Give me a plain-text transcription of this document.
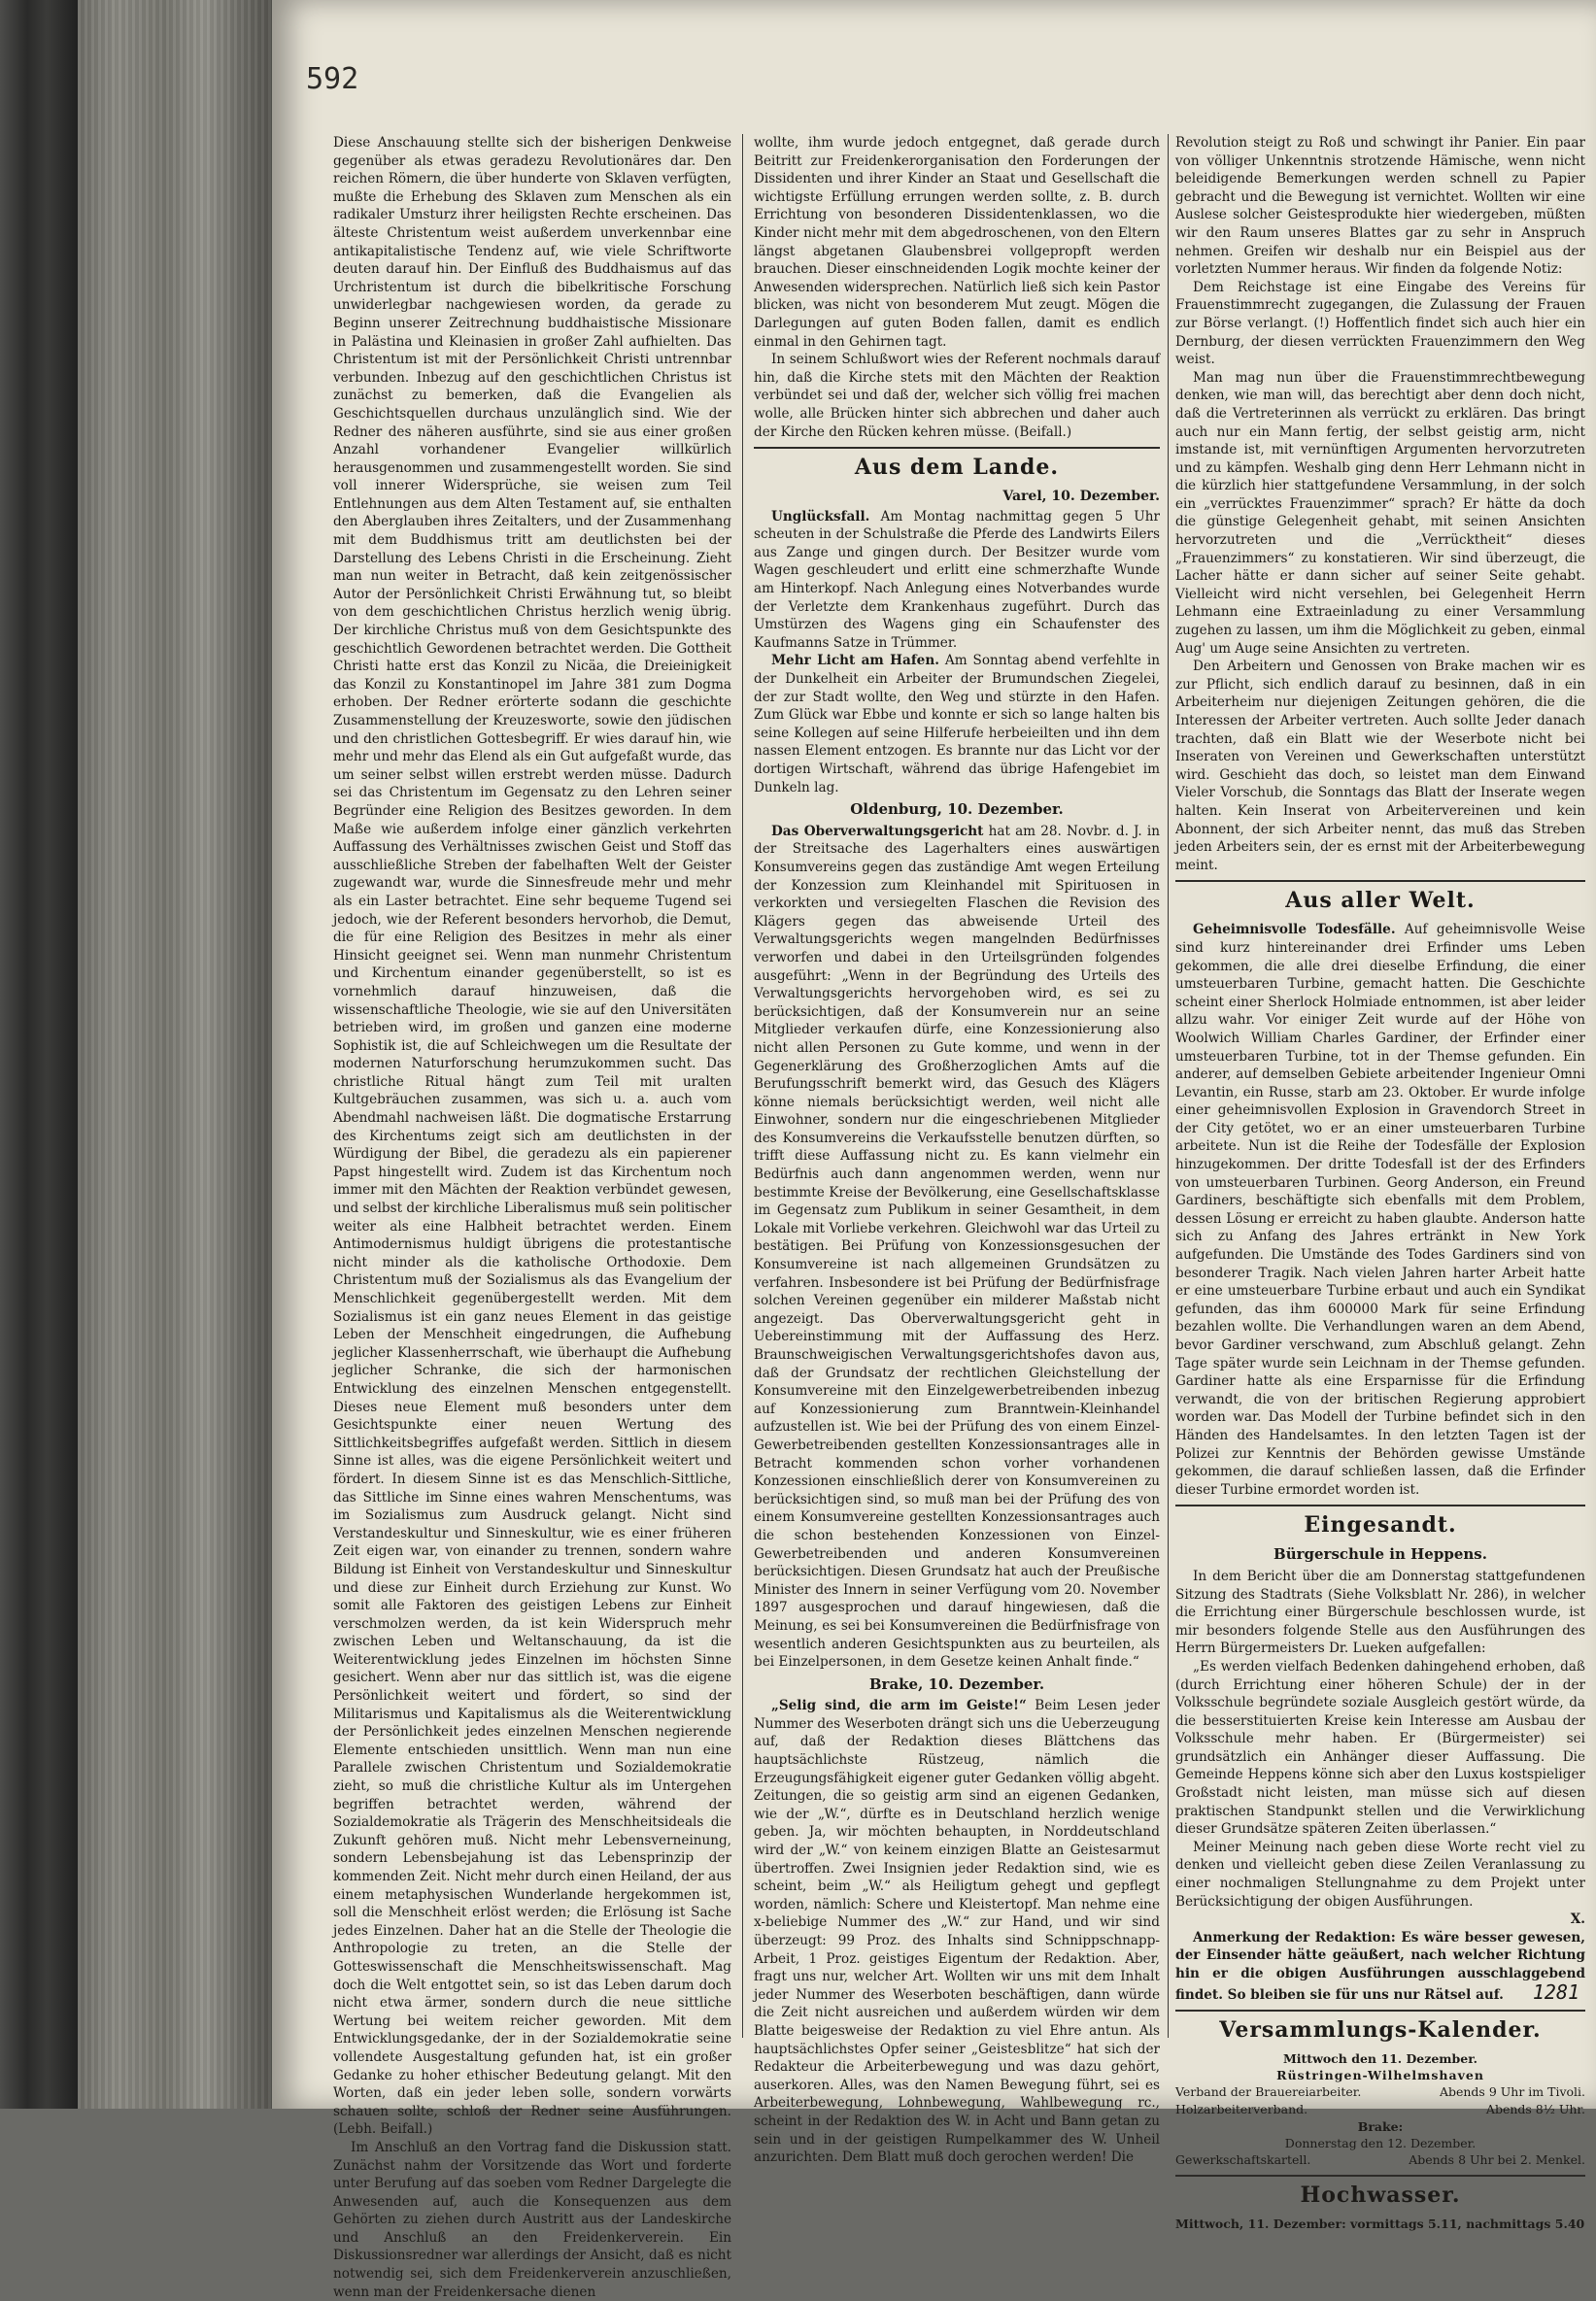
592

Diese Anschauung stellte sich der bisherigen Denkweise gegenüber als etwas geradezu Revolutionäres dar. Den reichen Römern, die über hunderte von Sklaven verfügten, mußte die Erhebung des Sklaven zum Menschen als ein radikaler Umsturz ihrer heiligsten Rechte erscheinen. Das älteste Christentum weist außerdem unverkennbar eine antikapitalistische Tendenz auf, wie viele Schriftworte deuten darauf hin. Der Einfluß des Buddhaismus auf das Urchristentum ist durch die bibelkritische Forschung unwiderlegbar nachgewiesen worden, da gerade zu Beginn unserer Zeitrechnung buddhaistische Missionare in Palästina und Kleinasien in großer Zahl aufhielten. Das Christentum ist mit der Persönlichkeit Christi untrennbar verbunden. Inbezug auf den geschichtlichen Christus ist zunächst zu bemerken, daß die Evangelien als Geschichtsquellen durchaus unzulänglich sind. Wie der Redner des näheren ausführte, sind sie aus einer großen Anzahl vorhandener Evangelier willkürlich herausgenommen und zusammengestellt worden. Sie sind voll innerer Widersprüche, sie weisen zum Teil Entlehnungen aus dem Alten Testament auf, sie enthalten den Aberglauben ihres Zeitalters, und der Zusammenhang mit dem Buddhismus tritt am deutlichsten bei der Darstellung des Lebens Christi in die Erscheinung. Zieht man nun weiter in Betracht, daß kein zeitgenössischer Autor der Persönlichkeit Christi Erwähnung tut, so bleibt von dem geschichtlichen Christus herzlich wenig übrig. Der kirchliche Christus muß von dem Gesichtspunkte des geschichtlich Gewordenen betrachtet werden. Die Gottheit Christi hatte erst das Konzil zu Nicäa, die Dreieinigkeit das Konzil zu Konstantinopel im Jahre 381 zum Dogma erhoben. Der Redner erörterte sodann die geschichte Zusammenstellung der Kreuzesworte, sowie den jüdischen und den christlichen Gottesbegriff. Er wies darauf hin, wie mehr und mehr das Elend als ein Gut aufgefaßt wurde, das um seiner selbst willen erstrebt werden müsse. Dadurch sei das Christentum im Gegensatz zu den Lehren seiner Begründer eine Religion des Besitzes geworden. In dem Maße wie außerdem infolge einer gänzlich verkehrten Auffassung des Verhältnisses zwischen Geist und Stoff das ausschließliche Streben der fabelhaften Welt der Geister zugewandt war, wurde die Sinnesfreude mehr und mehr als ein Laster betrachtet. Eine sehr bequeme Tugend sei jedoch, wie der Referent besonders hervorhob, die Demut, die für eine Religion des Besitzes in mehr als einer Hinsicht geeignet sei. Wenn man nunmehr Christentum und Kirchentum einander gegenüberstellt, so ist es vornehmlich darauf hinzuweisen, daß die wissenschaftliche Theologie, wie sie auf den Universitäten betrieben wird, im großen und ganzen eine moderne Sophistik ist, die auf Schleichwegen um die Resultate der modernen Naturforschung herumzukommen sucht. Das christliche Ritual hängt zum Teil mit uralten Kultgebräuchen zusammen, was sich u. a. auch vom Abendmahl nachweisen läßt. Die dogmatische Erstarrung des Kirchentums zeigt sich am deutlichsten in der Würdigung der Bibel, die geradezu als ein papierener Papst hingestellt wird. Zudem ist das Kirchentum noch immer mit den Mächten der Reaktion verbündet gewesen, und selbst der kirchliche Liberalismus muß sein politischer weiter als eine Halbheit betrachtet werden. Einem Antimodernismus huldigt übrigens die protestantische nicht minder als die katholische Orthodoxie. Dem Christentum muß der Sozialismus als das Evangelium der Menschlichkeit gegenübergestellt werden. Mit dem Sozialismus ist ein ganz neues Element in das geistige Leben der Menschheit eingedrungen, die Aufhebung jeglicher Klassenherrschaft, wie überhaupt die Aufhebung jeglicher Schranke, die sich der harmonischen Entwicklung des einzelnen Menschen entgegenstellt. Dieses neue Element muß besonders unter dem Gesichtspunkte einer neuen Wertung des Sittlichkeitsbegriffes aufgefaßt werden. Sittlich in diesem Sinne ist alles, was die eigene Persönlichkeit weitert und fördert. In diesem Sinne ist es das Menschlich-Sittliche, das Sittliche im Sinne eines wahren Menschentums, was im Sozialismus zum Ausdruck gelangt. Nicht sind Verstandeskultur und Sinneskultur, wie es einer früheren Zeit eigen war, von einander zu trennen, sondern wahre Bildung ist Einheit von Verstandeskultur und Sinneskultur und diese zur Einheit durch Erziehung zur Kunst. Wo somit alle Faktoren des geistigen Lebens zur Einheit verschmolzen werden, da ist kein Widerspruch mehr zwischen Leben und Weltanschauung, da ist die Weiterentwicklung jedes Einzelnen im höchsten Sinne gesichert. Wenn aber nur das sittlich ist, was die eigene Persönlichkeit weitert und fördert, so sind der Militarismus und Kapitalismus als die Weiterentwicklung der Persönlichkeit jedes einzelnen Menschen negierende Elemente entschieden unsittlich. Wenn man nun eine Parallele zwischen Christentum und Sozialdemokratie zieht, so muß die christliche Kultur als im Untergehen begriffen betrachtet werden, während der Sozialdemokratie als Trägerin des Menschheitsideals die Zukunft gehören muß. Nicht mehr Lebensverneinung, sondern Lebensbejahung ist das Lebensprinzip der kommenden Zeit. Nicht mehr durch einen Heiland, der aus einem metaphysischen Wunderlande hergekommen ist, soll die Menschheit erlöst werden; die Erlösung ist Sache jedes Einzelnen. Daher hat an die Stelle der Theologie die Anthropologie zu treten, an die Stelle der Gotteswissenschaft die Menschheitswissenschaft. Mag doch die Welt entgottet sein, so ist das Leben darum doch nicht etwa ärmer, sondern durch die neue sittliche Wertung bei weitem reicher geworden. Mit dem Entwicklungsgedanke, der in der Sozialdemokratie seine vollendete Ausgestaltung gefunden hat, ist ein großer Gedanke zu hoher ethischer Bedeutung gelangt. Mit den Worten, daß ein jeder leben solle, sondern vorwärts schauen sollte, schloß der Redner seine Ausführungen. (Lebh. Beifall.)

Im Anschluß an den Vortrag fand die Diskussion statt. Zunächst nahm der Vorsitzende das Wort und forderte unter Berufung auf das soeben vom Redner Dargelegte die Anwesenden auf, auch die Konsequenzen aus dem Gehörten zu ziehen durch Austritt aus der Landeskirche und Anschluß an den Freidenkerverein. Ein Diskussionsredner war allerdings der Ansicht, daß es nicht notwendig sei, sich dem Freidenkerverein anzuschließen, wenn man der Freidenkersache dienen

wollte, ihm wurde jedoch entgegnet, daß gerade durch Beitritt zur Freidenkerorganisation den Forderungen der Dissidenten und ihrer Kinder an Staat und Gesellschaft die wichtigste Erfüllung errungen werden sollte, z. B. durch Errichtung von besonderen Dissidentenklassen, wo die Kinder nicht mehr mit dem abgedroschenen, von den Eltern längst abgetanen Glaubensbrei vollgepropft werden brauchen. Dieser einschneidenden Logik mochte keiner der Anwesenden widersprechen. Natürlich ließ sich kein Pastor blicken, was nicht von besonderem Mut zeugt. Mögen die Darlegungen auf guten Boden fallen, damit es endlich einmal in den Gehirnen tagt.

In seinem Schlußwort wies der Referent nochmals darauf hin, daß die Kirche stets mit den Mächten der Reaktion verbündet sei und daß der, welcher sich völlig frei machen wolle, alle Brücken hinter sich abbrechen und daher auch der Kirche den Rücken kehren müsse. (Beifall.)

Aus dem Lande.
Varel, 10. Dezember.

Unglücksfall. Am Montag nachmittag gegen 5 Uhr scheuten in der Schulstraße die Pferde des Landwirts Eilers aus Zange und gingen durch. Der Besitzer wurde vom Wagen geschleudert und erlitt eine schmerzhafte Wunde am Hinterkopf. Nach Anlegung eines Notverbandes wurde der Verletzte dem Krankenhaus zugeführt. Durch das Umstürzen des Wagens ging ein Schaufenster des Kaufmanns Satze in Trümmer.

Mehr Licht am Hafen. Am Sonntag abend verfehlte in der Dunkelheit ein Arbeiter der Brumundschen Ziegelei, der zur Stadt wollte, den Weg und stürzte in den Hafen. Zum Glück war Ebbe und konnte er sich so lange halten bis seine Kollegen auf seine Hilferufe herbeieilten und ihn dem nassen Element entzogen. Es brannte nur das Licht vor der dortigen Wirtschaft, während das übrige Hafengebiet im Dunkeln lag.

Oldenburg, 10. Dezember.

Das Oberverwaltungsgericht hat am 28. Novbr. d. J. in der Streitsache des Lagerhalters eines auswärtigen Konsumvereins gegen das zuständige Amt wegen Erteilung der Konzession zum Kleinhandel mit Spirituosen in verkorkten und versiegelten Flaschen die Revision des Klägers gegen das abweisende Urteil des Verwaltungsgerichts wegen mangelnden Bedürfnisses verworfen und dabei in den Urteilsgründen folgendes ausgeführt: „Wenn in der Begründung des Urteils des Verwaltungsgerichts hervorgehoben wird, es sei zu berücksichtigen, daß der Konsumverein nur an seine Mitglieder verkaufen dürfe, eine Konzessionierung also nicht allen Personen zu Gute komme, und wenn in der Gegenerklärung des Großherzoglichen Amts auf die Berufungsschrift bemerkt wird, das Gesuch des Klägers könne niemals berücksichtigt werden, weil nicht alle Einwohner, sondern nur die eingeschriebenen Mitglieder des Konsumvereins die Verkaufsstelle benutzen dürften, so trifft diese Auffassung nicht zu. Es kann vielmehr ein Bedürfnis auch dann angenommen werden, wenn nur bestimmte Kreise der Bevölkerung, eine Gesellschaftsklasse im Gegensatz zum Publikum in seiner Gesamtheit, in dem Lokale mit Vorliebe verkehren. Gleichwohl war das Urteil zu bestätigen. Bei Prüfung von Konzessionsgesuchen der Konsumvereine ist nach allgemeinen Grundsätzen zu verfahren. Insbesondere ist bei Prüfung der Bedürfnisfrage solchen Vereinen gegenüber ein milderer Maßstab nicht angezeigt. Das Oberverwaltungsgericht geht in Uebereinstimmung mit der Auffassung des Herz. Braunschweigischen Verwaltungsgerichtshofes davon aus, daß der Grundsatz der rechtlichen Gleichstellung der Konsumvereine mit den Einzelgewerbetreibenden inbezug auf Konzessionierung zum Branntwein-Kleinhandel aufzustellen ist. Wie bei der Prüfung des von einem Einzel-Gewerbetreibenden gestellten Konzessionsantrages alle in Betracht kommenden schon vorher vorhandenen Konzessionen einschließlich derer von Konsumvereinen zu berücksichtigen sind, so muß man bei der Prüfung des von einem Konsumvereine gestellten Konzessionsantrages auch die schon bestehenden Konzessionen von Einzel-Gewerbetreibenden und anderen Konsumvereinen berücksichtigen. Diesen Grundsatz hat auch der Preußische Minister des Innern in seiner Verfügung vom 20. November 1897 ausgesprochen und darauf hingewiesen, daß die Meinung, es sei bei Konsumvereinen die Bedürfnisfrage von wesentlich anderen Gesichtspunkten aus zu beurteilen, als bei Einzelpersonen, in dem Gesetze keinen Anhalt finde.“

Brake, 10. Dezember.

„Selig sind, die arm im Geiste!“ Beim Lesen jeder Nummer des Weserboten drängt sich uns die Ueberzeugung auf, daß der Redaktion dieses Blättchens das hauptsächlichste Rüstzeug, nämlich die Erzeugungsfähigkeit eigener guter Gedanken völlig abgeht. Zeitungen, die so geistig arm sind an eigenen Gedanken, wie der „W.“, dürfte es in Deutschland herzlich wenige geben. Ja, wir möchten behaupten, in Norddeutschland wird der „W.“ von keinem einzigen Blatte an Geistesarmut übertroffen. Zwei Insignien jeder Redaktion sind, wie es scheint, beim „W.“ als Heiligtum gehegt und gepflegt worden, nämlich: Schere und Kleistertopf. Man nehme eine x-beliebige Nummer des „W.“ zur Hand, und wir sind überzeugt: 99 Proz. des Inhalts sind Schnippschnapp-Arbeit, 1 Proz. geistiges Eigentum der Redaktion. Aber, fragt uns nur, welcher Art. Wollten wir uns mit dem Inhalt jeder Nummer des Weserboten beschäftigen, dann würde die Zeit nicht ausreichen und außerdem würden wir dem Blatte beigesweise der Redaktion zu viel Ehre antun. Als hauptsächlichstes Opfer seiner „Geistesblitze“ hat sich der Redakteur die Arbeiterbewegung und was dazu gehört, auserkoren. Alles, was den Namen Bewegung führt, sei es Arbeiterbewegung, Lohnbewegung, Wahlbewegung rc., scheint in der Redaktion des W. in Acht und Bann getan zu sein und in der geistigen Rumpelkammer des W. Unheil anzurichten. Dem Blatt muß doch gerochen werden! Die

Revolution steigt zu Roß und schwingt ihr Panier. Ein paar von völliger Unkenntnis strotzende Hämische, wenn nicht beleidigende Bemerkungen werden schnell zu Papier gebracht und die Bewegung ist vernichtet. Wollten wir eine Auslese solcher Geistesprodukte hier wiedergeben, müßten wir den Raum unseres Blattes gar zu sehr in Anspruch nehmen. Greifen wir deshalb nur ein Beispiel aus der vorletzten Nummer heraus. Wir finden da folgende Notiz:

Dem Reichstage ist eine Eingabe des Vereins für Frauenstimmrecht zugegangen, die Zulassung der Frauen zur Börse verlangt. (!) Hoffentlich findet sich auch hier ein Dernburg, der diesen verrückten Frauenzimmern den Weg weist.

Man mag nun über die Frauenstimmrechtbewegung denken, wie man will, das berechtigt aber denn doch nicht, daß die Vertreterinnen als verrückt zu erklären. Das bringt auch nur ein Mann fertig, der selbst geistig arm, nicht imstande ist, mit vernünftigen Argumenten hervorzutreten und zu kämpfen. Weshalb ging denn Herr Lehmann nicht in die kürzlich hier stattgefundene Versammlung, in der solch ein „verrücktes Frauenzimmer“ sprach? Er hätte da doch die günstige Gelegenheit gehabt, mit seinen Ansichten hervorzutreten und die „Verrücktheit“ dieses „Frauenzimmers“ zu konstatieren. Wir sind überzeugt, die Lacher hätte er dann sicher auf seiner Seite gehabt. Vielleicht wird nicht versehlen, bei Gelegenheit Herrn Lehmann eine Extraeinladung zu einer Versammlung zugehen zu lassen, um ihm die Möglichkeit zu geben, einmal Aug' um Auge seine Ansichten zu vertreten.

Den Arbeitern und Genossen von Brake machen wir es zur Pflicht, sich endlich darauf zu besinnen, daß in ein Arbeiterheim nur diejenigen Zeitungen gehören, die die Interessen der Arbeiter vertreten. Auch sollte Jeder danach trachten, daß ein Blatt wie der Weserbote nicht bei Inseraten von Vereinen und Gewerkschaften unterstützt wird. Geschieht das doch, so leistet man dem Einwand Vieler Vorschub, die Sonntags das Blatt der Inserate wegen halten. Kein Inserat von Arbeitervereinen und kein Abonnent, der sich Arbeiter nennt, das muß das Streben jeden Arbeiters sein, der es ernst mit der Arbeiterbewegung meint.

Aus aller Welt.

Geheimnisvolle Todesfälle. Auf geheimnisvolle Weise sind kurz hintereinander drei Erfinder ums Leben gekommen, die alle drei dieselbe Erfindung, die einer umsteuerbaren Turbine, gemacht hatten. Die Geschichte scheint einer Sherlock Holmiade entnommen, ist aber leider allzu wahr. Vor einiger Zeit wurde auf der Höhe von Woolwich William Charles Gardiner, der Erfinder einer umsteuerbaren Turbine, tot in der Themse gefunden. Ein anderer, auf demselben Gebiete arbeitender Ingenieur Omni Levantin, ein Russe, starb am 23. Oktober. Er wurde infolge einer geheimnisvollen Explosion in Gravendorch Street in der City getötet, wo er an einer umsteuerbaren Turbine arbeitete. Nun ist die Reihe der Todesfälle der Explosion hinzugekommen. Der dritte Todesfall ist der des Erfinders von umsteuerbaren Turbinen. Georg Anderson, ein Freund Gardiners, beschäftigte sich ebenfalls mit dem Problem, dessen Lösung er erreicht zu haben glaubte. Anderson hatte sich zu Anfang des Jahres ertränkt in New York aufgefunden. Die Umstände des Todes Gardiners sind von besonderer Tragik. Nach vielen Jahren harter Arbeit hatte er eine umsteuerbare Turbine erbaut und auch ein Syndikat gefunden, das ihm 600000 Mark für seine Erfindung bezahlen wollte. Die Verhandlungen waren an dem Abend, bevor Gardiner verschwand, zum Abschluß gelangt. Zehn Tage später wurde sein Leichnam in der Themse gefunden. Gardiner hatte als eine Ersparnisse für die Erfindung verwandt, die von der britischen Regierung approbiert worden war. Das Modell der Turbine befindet sich in den Händen des Handelsamtes. In den letzten Tagen ist der Polizei zur Kenntnis der Behörden gewisse Umstände gekommen, die darauf schließen lassen, daß die Erfinder dieser Turbine ermordet worden ist.

Eingesandt.
Bürgerschule in Heppens.

In dem Bericht über die am Donnerstag stattgefundenen Sitzung des Stadtrats (Siehe Volksblatt Nr. 286), in welcher die Errichtung einer Bürgerschule beschlossen wurde, ist mir besonders folgende Stelle aus den Ausführungen des Herrn Bürgermeisters Dr. Lueken aufgefallen:

„Es werden vielfach Bedenken dahingehend erhoben, daß (durch Errichtung einer höheren Schule) der in der Volksschule begründete soziale Ausgleich gestört würde, da die besserstituierten Kreise kein Interesse am Ausbau der Volksschule mehr haben. Er (Bürgermeister) sei grundsätzlich ein Anhänger dieser Auffassung. Die Gemeinde Heppens könne sich aber den Luxus kostspieliger Großstadt nicht leisten, man müsse sich auf diesen praktischen Standpunkt stellen und die Verwirklichung dieser Grundsätze späteren Zeiten überlassen.“

Meiner Meinung nach geben diese Worte recht viel zu denken und vielleicht geben diese Zeilen Veranlassung zu einer nochmaligen Stellungnahme zu dem Projekt unter Berücksichtigung der obigen Ausführungen.

X.

Anmerkung der Redaktion: Es wäre besser gewesen, der Einsender hätte geäußert, nach welcher Richtung hin er die obigen Ausführungen ausschlaggebend findet. So bleiben sie für uns nur Rätsel auf. 1281

Versammlungs-Kalender.
Mittwoch den 11. Dezember.
Rüstringen-Wilhelmshaven
Verband der Brauereiarbeiter.	Abends 9 Uhr im Tivoli.
Holzarbeiterverband.	Abends 8½ Uhr.
Brake:
Donnerstag den 12. Dezember.
Gewerkschaftskartell.	Abends 8 Uhr bei 2. Menkel.
Hochwasser.
Mittwoch, 11. Dezember: vormittags 5.11, nachmittags 5.40
